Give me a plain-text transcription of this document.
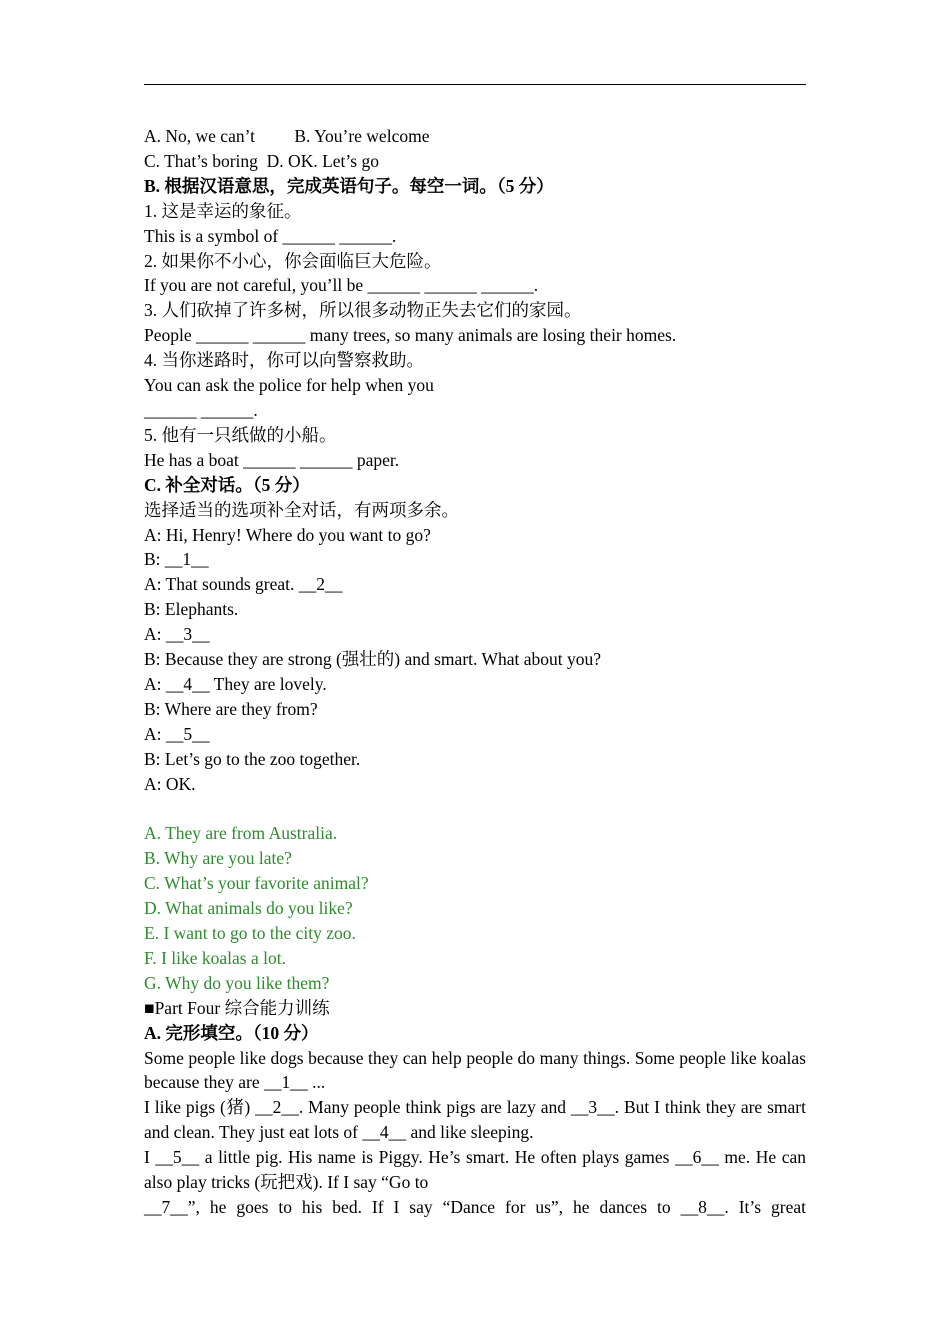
A. No, we can’t         B. You’re welcome
C. That’s boring  D. OK. Let’s go
B. 根据汉语意思，完成英语句子。每空一词。（5 分）
1. 这是幸运的象征。
This is a symbol of ______ ______.
2. 如果你不小心，你会面临巨大危险。
If you are not careful, you’ll be ______ ______ ______.
3. 人们砍掉了许多树，所以很多动物正失去它们的家园。
People ______ ______ many trees, so many animals are losing their homes.
4. 当你迷路时，你可以向警察救助。
You can ask the police for help when you
______ ______.
5. 他有一只纸做的小船。
He has a boat ______ ______ paper.
C. 补全对话。（5 分）
选择适当的选项补全对话，有两项多余。
A: Hi, Henry! Where do you want to go?
B: __1__
A: That sounds great. __2__
B: Elephants.
A: __3__
B: Because they are strong (强壮的) and smart. What about you?
A: __4__ They are lovely.
B: Where are they from?
A: __5__
B: Let’s go to the zoo together.
A: OK.
A. They are from Australia.
B. Why are you late?
C. What’s your favorite animal?
D. What animals do you like?
E. I want to go to the city zoo.
F. I like koalas a lot.
G. Why do you like them?
■Part Four 综合能力训练
A. 完形填空。（10 分）
Some people like dogs because they can help people do many things. Some people like koalas because they are __1__ ...
I like pigs (猪) __2__. Many people think pigs are lazy and __3__. But I think they are smart and clean. They just eat lots of __4__ and like sleeping.
I __5__ a little pig. His name is Piggy. He’s smart. He often plays games __6__ me. He can also play tricks (玩把戏). If I say “Go to
__7__”, he goes to his bed. If I say “Dance for us”, he dances to __8__. It’s great
